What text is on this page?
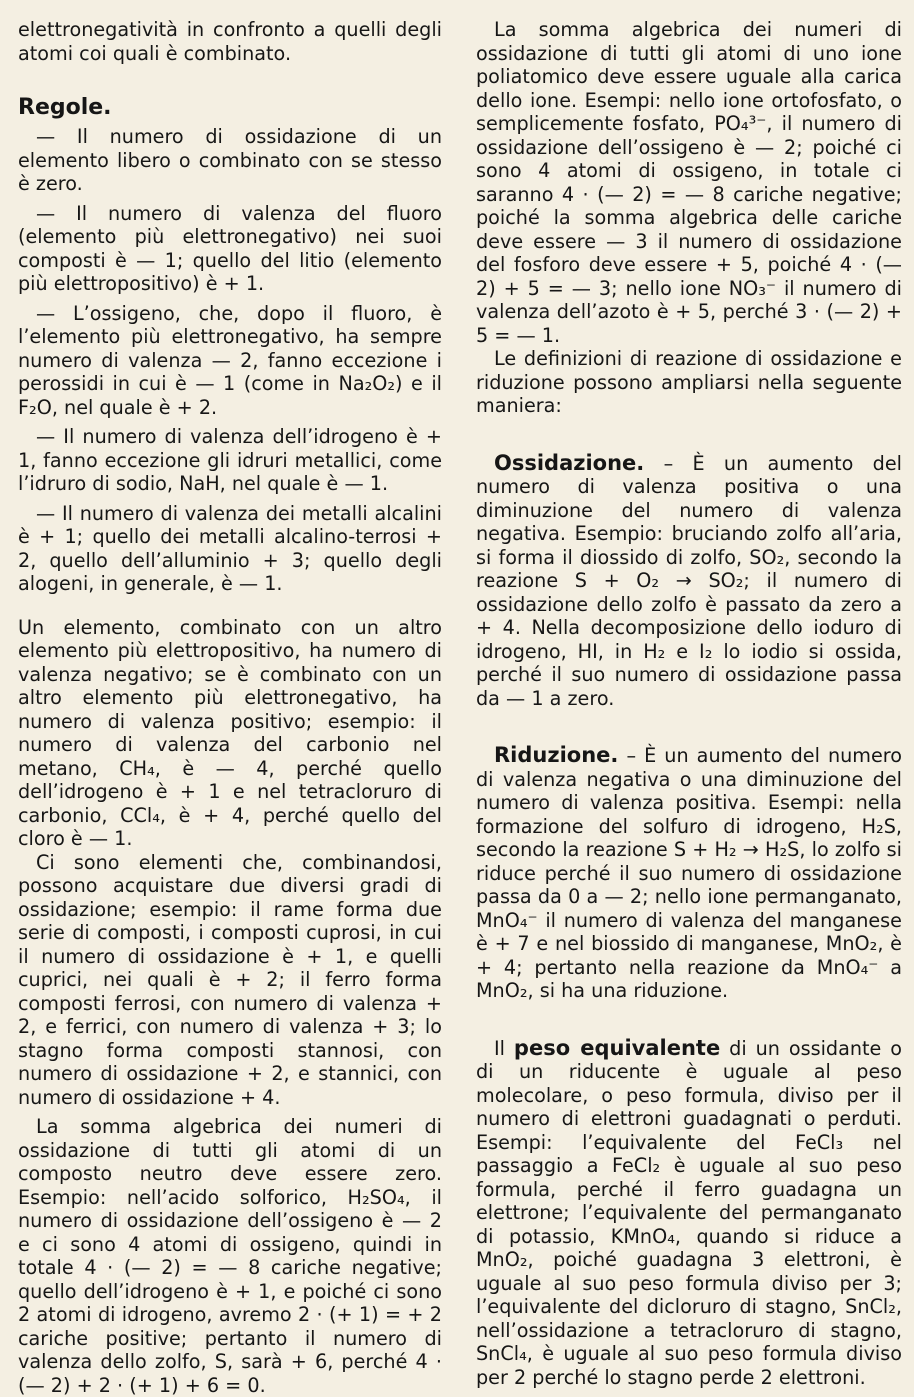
elettronegatività in confronto a quelli degli atomi coi quali è combinato.

Regole.

— Il numero di ossidazione di un elemento libero o combinato con se stesso è zero.

— Il numero di valenza del fluoro (elemento più elettronegativo) nei suoi composti è — 1; quello del litio (elemento più elettropositivo) è + 1.

— L’ossigeno, che, dopo il fluoro, è l’elemento più elettronegativo, ha sempre numero di valenza — 2, fanno eccezione i perossidi in cui è — 1 (come in Na₂O₂) e il F₂O, nel quale è + 2.

— Il numero di valenza dell’idrogeno è + 1, fanno eccezione gli idruri metallici, come l’idruro di sodio, NaH, nel quale è — 1.

— Il numero di valenza dei metalli alcalini è + 1; quello dei metalli alcalino-terrosi + 2, quello dell’alluminio + 3; quello degli alogeni, in generale, è — 1.

Un elemento, combinato con un altro elemento più elettropositivo, ha numero di valenza negativo; se è combinato con un altro elemento più elettronegativo, ha numero di valenza positivo; esempio: il numero di valenza del carbonio nel metano, CH₄, è — 4, perché quello dell’idrogeno è + 1 e nel tetracloruro di carbonio, CCl₄, è + 4, perché quello del cloro è — 1.

Ci sono elementi che, combinandosi, possono acquistare due diversi gradi di ossidazione; esempio: il rame forma due serie di composti, i composti cuprosi, in cui il numero di ossidazione è + 1, e quelli cuprici, nei quali è + 2; il ferro forma composti ferrosi, con numero di valenza + 2, e ferrici, con numero di valenza + 3; lo stagno forma composti stannosi, con numero di ossidazione + 2, e stannici, con numero di ossidazione + 4.

La somma algebrica dei numeri di ossidazione di tutti gli atomi di un composto neutro deve essere zero. Esempio: nell’acido solforico, H₂SO₄, il numero di ossidazione dell’ossigeno è — 2 e ci sono 4 atomi di ossigeno, quindi in totale 4 · (— 2) = — 8 cariche negative; quello dell’idrogeno è + 1, e poiché ci sono 2 atomi di idrogeno, avremo 2 · (+ 1) = + 2 cariche positive; pertanto il numero di valenza dello zolfo, S, sarà + 6, perché 4 · (— 2) + 2 · (+ 1) + 6 = 0.

La somma algebrica dei numeri di ossidazione di tutti gli atomi di uno ione poliatomico deve essere uguale alla carica dello ione. Esempi: nello ione ortofosfato, o semplicemente fosfato, PO₄³⁻, il numero di ossidazione dell’ossigeno è — 2; poiché ci sono 4 atomi di ossigeno, in totale ci saranno 4 · (— 2) = — 8 cariche negative; poiché la somma algebrica delle cariche deve essere — 3 il numero di ossidazione del fosforo deve essere + 5, poiché 4 · (— 2) + 5 = — 3; nello ione NO₃⁻ il numero di valenza dell’azoto è + 5, perché 3 · (— 2) + 5 = — 1.

Le definizioni di reazione di ossidazione e riduzione possono ampliarsi nella seguente maniera:

Ossidazione. – È un aumento del numero di valenza positiva o una diminuzione del numero di valenza negativa. Esempio: bruciando zolfo all’aria, si forma il diossido di zolfo, SO₂, secondo la reazione S + O₂ → SO₂; il numero di ossidazione dello zolfo è passato da zero a + 4. Nella decomposizione dello ioduro di idrogeno, HI, in H₂ e I₂ lo iodio si ossida, perché il suo numero di ossidazione passa da — 1 a zero.

Riduzione. – È un aumento del numero di valenza negativa o una diminuzione del numero di valenza positiva. Esempi: nella formazione del solfuro di idrogeno, H₂S, secondo la reazione S + H₂ → H₂S, lo zolfo si riduce perché il suo numero di ossidazione passa da 0 a — 2; nello ione permanganato, MnO₄⁻ il numero di valenza del manganese è + 7 e nel biossido di manganese, MnO₂, è + 4; pertanto nella reazione da MnO₄⁻ a MnO₂, si ha una riduzione.

Il peso equivalente di un ossidante o di un riducente è uguale al peso molecolare, o peso formula, diviso per il numero di elettroni guadagnati o perduti. Esempi: l’equivalente del FeCl₃ nel passaggio a FeCl₂ è uguale al suo peso formula, perché il ferro guadagna un elettrone; l’equivalente del permanganato di potassio, KMnO₄, quando si riduce a MnO₂, poiché guadagna 3 elettroni, è uguale al suo peso formula diviso per 3; l’equivalente del dicloruro di stagno, SnCl₂, nell’ossidazione a tetracloruro di stagno, SnCl₄, è uguale al suo peso formula diviso per 2 perché lo stagno perde 2 elettroni.
